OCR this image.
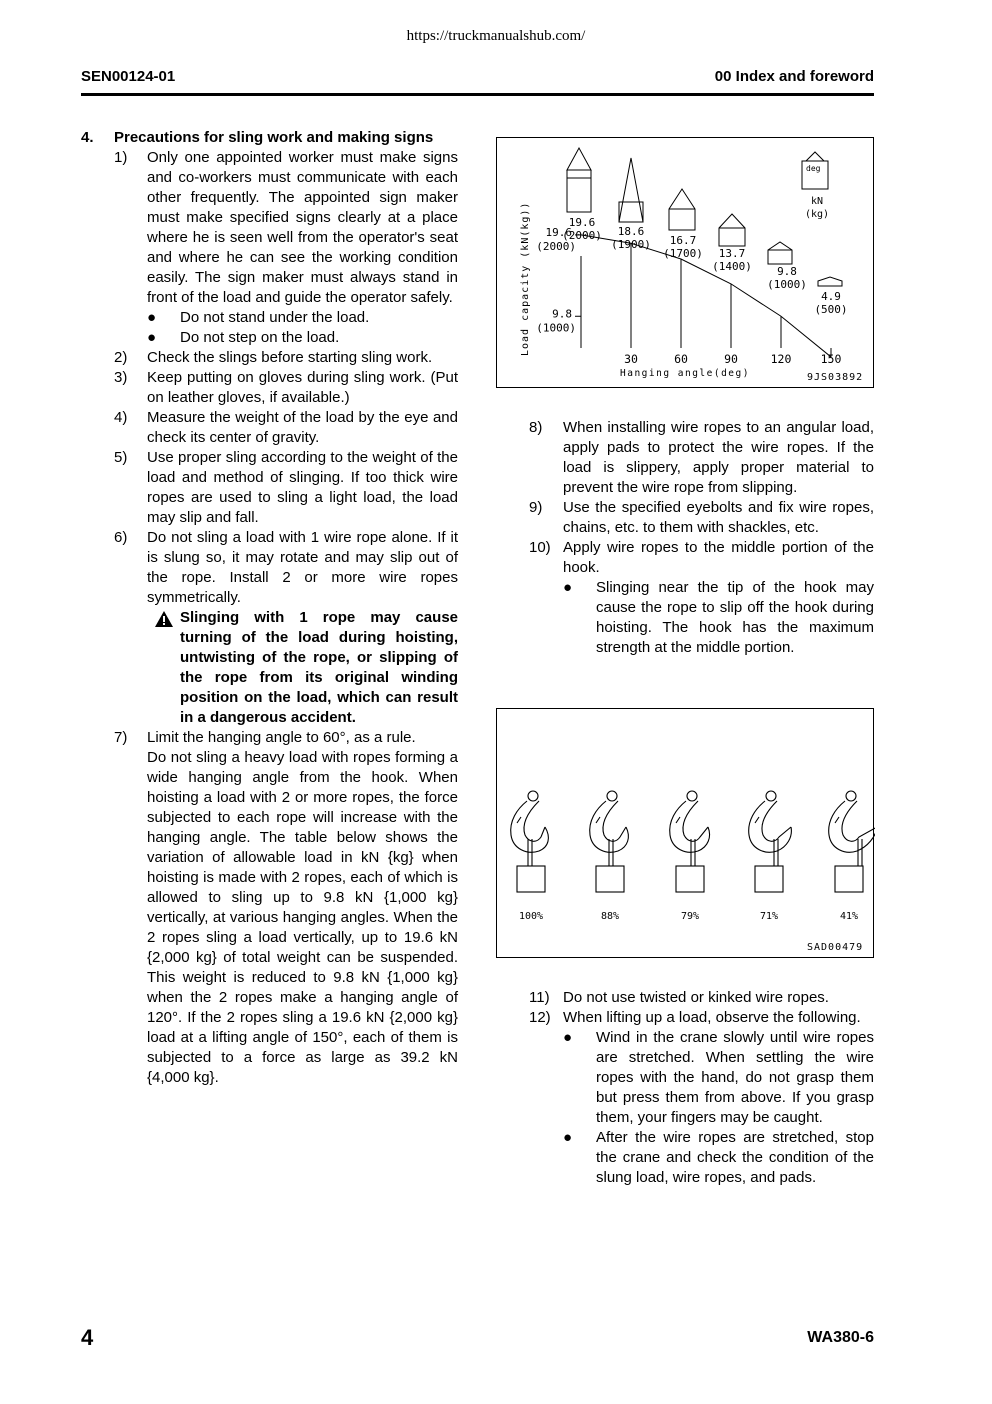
https://truckmanualshub.com/
SEN00124-01	00 Index and foreword
4. Precautions for sling work and making signs
1) Only one appointed worker must make signs and co-workers must communicate with each other frequently. The appointed sign maker must make specified signs clearly at a place where he is seen well from the operator's seat and where he can see the working condition easily. The sign maker must always stand in front of the load and guide the operator safely.
● Do not stand under the load.
● Do not step on the load.
2) Check the slings before starting sling work.
3) Keep putting on gloves during sling work. (Put on leather gloves, if available.)
4) Measure the weight of the load by the eye and check its center of gravity.
5) Use proper sling according to the weight of the load and method of slinging. If too thick wire ropes are used to sling a light load, the load may slip and fall.
6) Do not sling a load with 1 wire rope alone. If it is slung so, it may rotate and may slip out of the rope. Install 2 or more wire ropes symmetrically.
Slinging with 1 rope may cause turning of the load during hoisting, untwisting of the rope, or slipping of the rope from its original winding position on the load, which can result in a dangerous accident.
7) Limit the hanging angle to 60°, as a rule.
Do not sling a heavy load with ropes forming a wide hanging angle from the hook. When hoisting a load with 2 or more ropes, the force subjected to each rope will increase with the hanging angle. The table below shows the variation of allowable load in kN {kg} when hoisting is made with 2 ropes, each of which is allowed to sling up to 9.8 kN {1,000 kg} vertically, at various hanging angles. When the 2 ropes sling a load vertically, up to 19.6 kN {2,000 kg} of total weight can be suspended. This weight is reduced to 9.8 kN {1,000 kg} when the 2 ropes make a hanging angle of 120°. If the 2 ropes sling a 19.6 kN {2,000 kg} load at a lifting angle of 150°, each of them is subjected to a force as large as 39.2 kN {4,000 kg}.
Load capacity (kN(kg)) 19.6
(2000)
9.8
(1000)
30	60	90	120	150
Hanging angle(deg)	9JS03892
deg
kN
(kg)
18.6
(1900) 16.7
(1700) 13.7
(1400) 9.8
(1000)
4.9
(500)
19.6
(2000)
8) When installing wire ropes to an angular load, apply pads to protect the wire ropes. If the load is slippery, apply proper material to prevent the wire rope from slipping.
9) Use the specified eyebolts and fix wire ropes, chains, etc. to them with shackles, etc.
10) Apply wire ropes to the middle portion of the hook.
● Slinging near the tip of the hook may cause the rope to slip off the hook during hoisting. The hook has the maximum strength at the middle portion.
100%	88%	79%	71%	41%
SAD00479
11) Do not use twisted or kinked wire ropes.
12) When lifting up a load, observe the following.
● Wind in the crane slowly until wire ropes are stretched. When settling the wire ropes with the hand, do not grasp them but press them from above. If you grasp them, your fingers may be caught.
● After the wire ropes are stretched, stop the crane and check the condition of the slung load, wire ropes, and pads.
4	WA380-6
